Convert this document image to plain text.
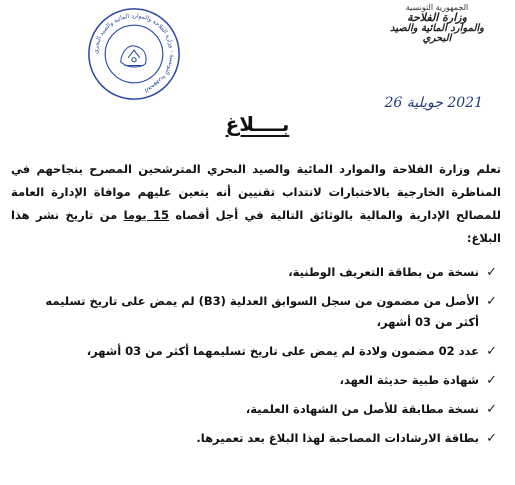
الجمهورية التونسية
وزارة الفلاحة
والموارد المائية والصيد البحري
الجمهورية التونسية - وزارة الفلاحة والموارد المائية والصيد البحري
2021 جويلية 26
بــــلاغ
تعلم وزارة الفلاحة والموارد المائية والصيد البحري المترشحين المصرح بنجاحهم في المناظرة الخارجية بالاختبارات لانتداب تقنيين أنه يتعين عليهم موافاة الإدارة العامة للمصالح الإدارية والمالية بالوثائق التالية في أجل أقصاه 15 يوما من تاريخ نشر هذا البلاغ:
✓
نسخة من بطاقة التعريف الوطنية،
✓
الأصل من مضمون من سجل السوابق العدلية (B3) لم يمض على تاريخ تسليمه أكثر من 03 أشهر،
✓
عدد 02 مضمون ولادة لم يمض على تاريخ تسليمهما أكثر من 03 أشهر،
✓
شهادة طبية حديثة العهد،
✓
نسخة مطابقة للأصل من الشهادة العلمية،
✓
بطاقة الارشادات المصاحبة لهذا البلاغ بعد تعميرها.
